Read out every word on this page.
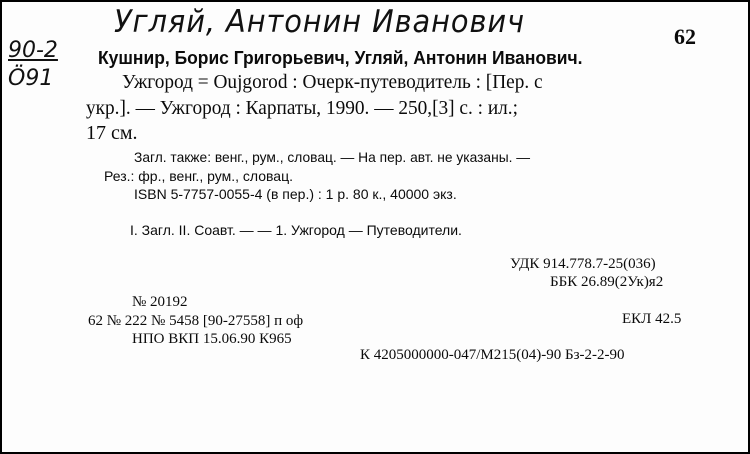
Угляй, Антонин Иванович	62
90-2
Ӧ91
Кушнир, Борис Григорьевич, Угляй, Антонин Иванович.
Ужгород = Oujgorod : Очерк-путеводитель : [Пер. с
укр.]. — Ужгород : Карпаты, 1990. — 250,[3] с. : ил.;
17 см.
Загл. также: венг., рум., словац. — На пер. авт. не указаны. —
Рез.: фр., венг., рум., словац.
ISBN 5-7757-0055-4 (в пер.) : 1 р. 80 к., 40000 экз.
I. Загл. II. Соавт. — — 1. Ужгород — Путеводители.
УДК 914.778.7-25(036)
ББК 26.89(2Ук)я2
№ 20192
62 № 222 № 5458 [90-27558] п оф	ЕКЛ 42.5
НПО ВКП 15.06.90 К965
К 4205000000-047/М215(04)-90 Бз-2-2-90
